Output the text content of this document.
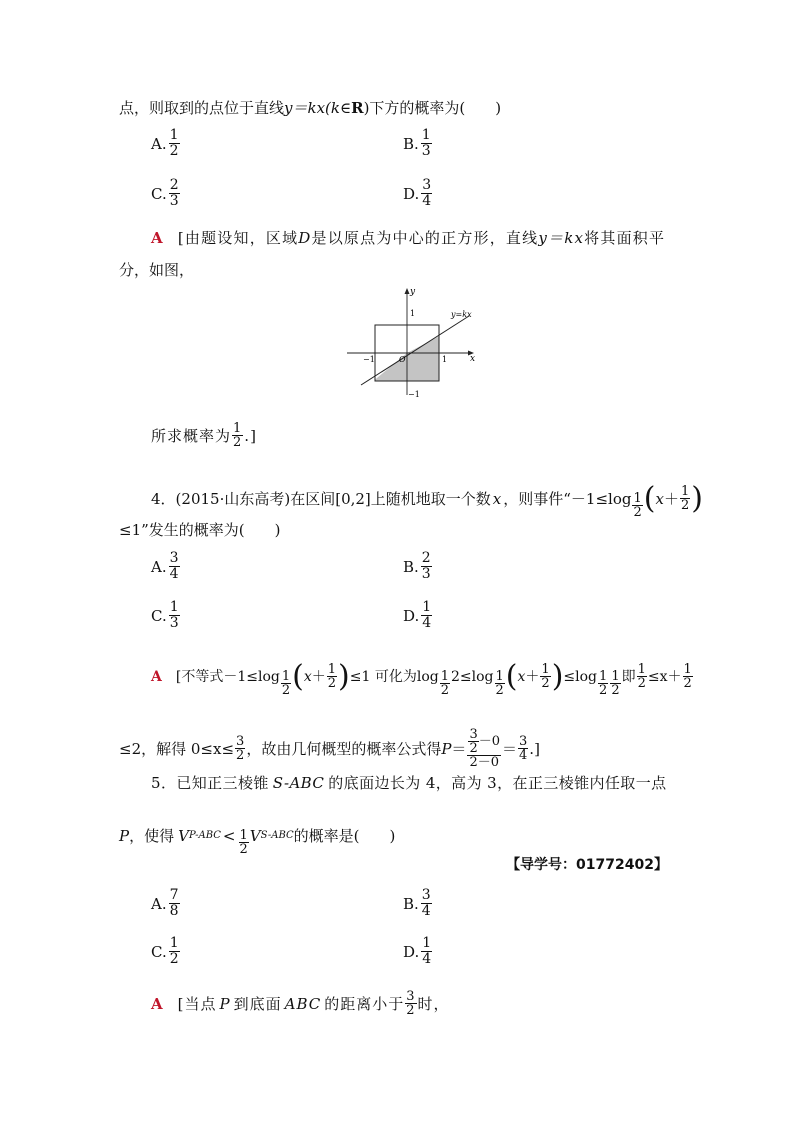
点，则取到的点位于直线y＝kx(k∈R)下方的概率为(　　)
A. $\frac{1}{2}$	B. $\frac{1}{3}$
C. $\frac{2}{3}$	D. $\frac{3}{4}$
A [由题设知，区域D是以原点为中心的正方形，直线y＝kx将其面积平
分，如图，
y
x
y=kx
O
1
−1
1
−1
所求概率为 $\frac{1}{2}$ .]
4．(2015· 山东高考 )在区间[0,2]上随机地取一个数 x ，则事件“$-1\le\log \frac{1}{2}$ ( $x + \frac{1}{2}$ )
≤1”发生的概率为(　　)
A. $\frac{3}{4}$	B. $\frac{2}{3}$
C. $\frac{1}{3}$	D. $\frac{1}{4}$
A [不等式$-1\le\log \frac{1}{2}$ ( $x + \frac{1}{2}$ ) ≤1 可化为$\log \frac{1}{2} 2\le\log \frac{1}{2}$ ( $x + \frac{1}{2}$ ) $\le\log \frac{1}{2} \frac{1}{2}$ 即 $\frac{1}{2} \le x+ \frac{1}{2}$
≤2，解得 $0\le x\le \frac{3}{2}$ ，故由几何概型的概率公式得 $P = \frac{\frac{3}{2} -0}{2-0} = \frac{3}{4}$ .]
5．已知正三棱锥 S-ABC 的底面边长为 4，高为 3，在正三棱锥内任取一点
P ，使得 V $P-ABC < \frac{1}{2}$ V S-ABC 的概率是(　　)
【导学号：01772402】
A. $\frac{7}{8}$	B. $\frac{3}{4}$
C. $\frac{1}{2}$	D. $\frac{1}{4}$
A [当点 P 到底面 ABC 的距离小于 $\frac{3}{2}$ 时，
